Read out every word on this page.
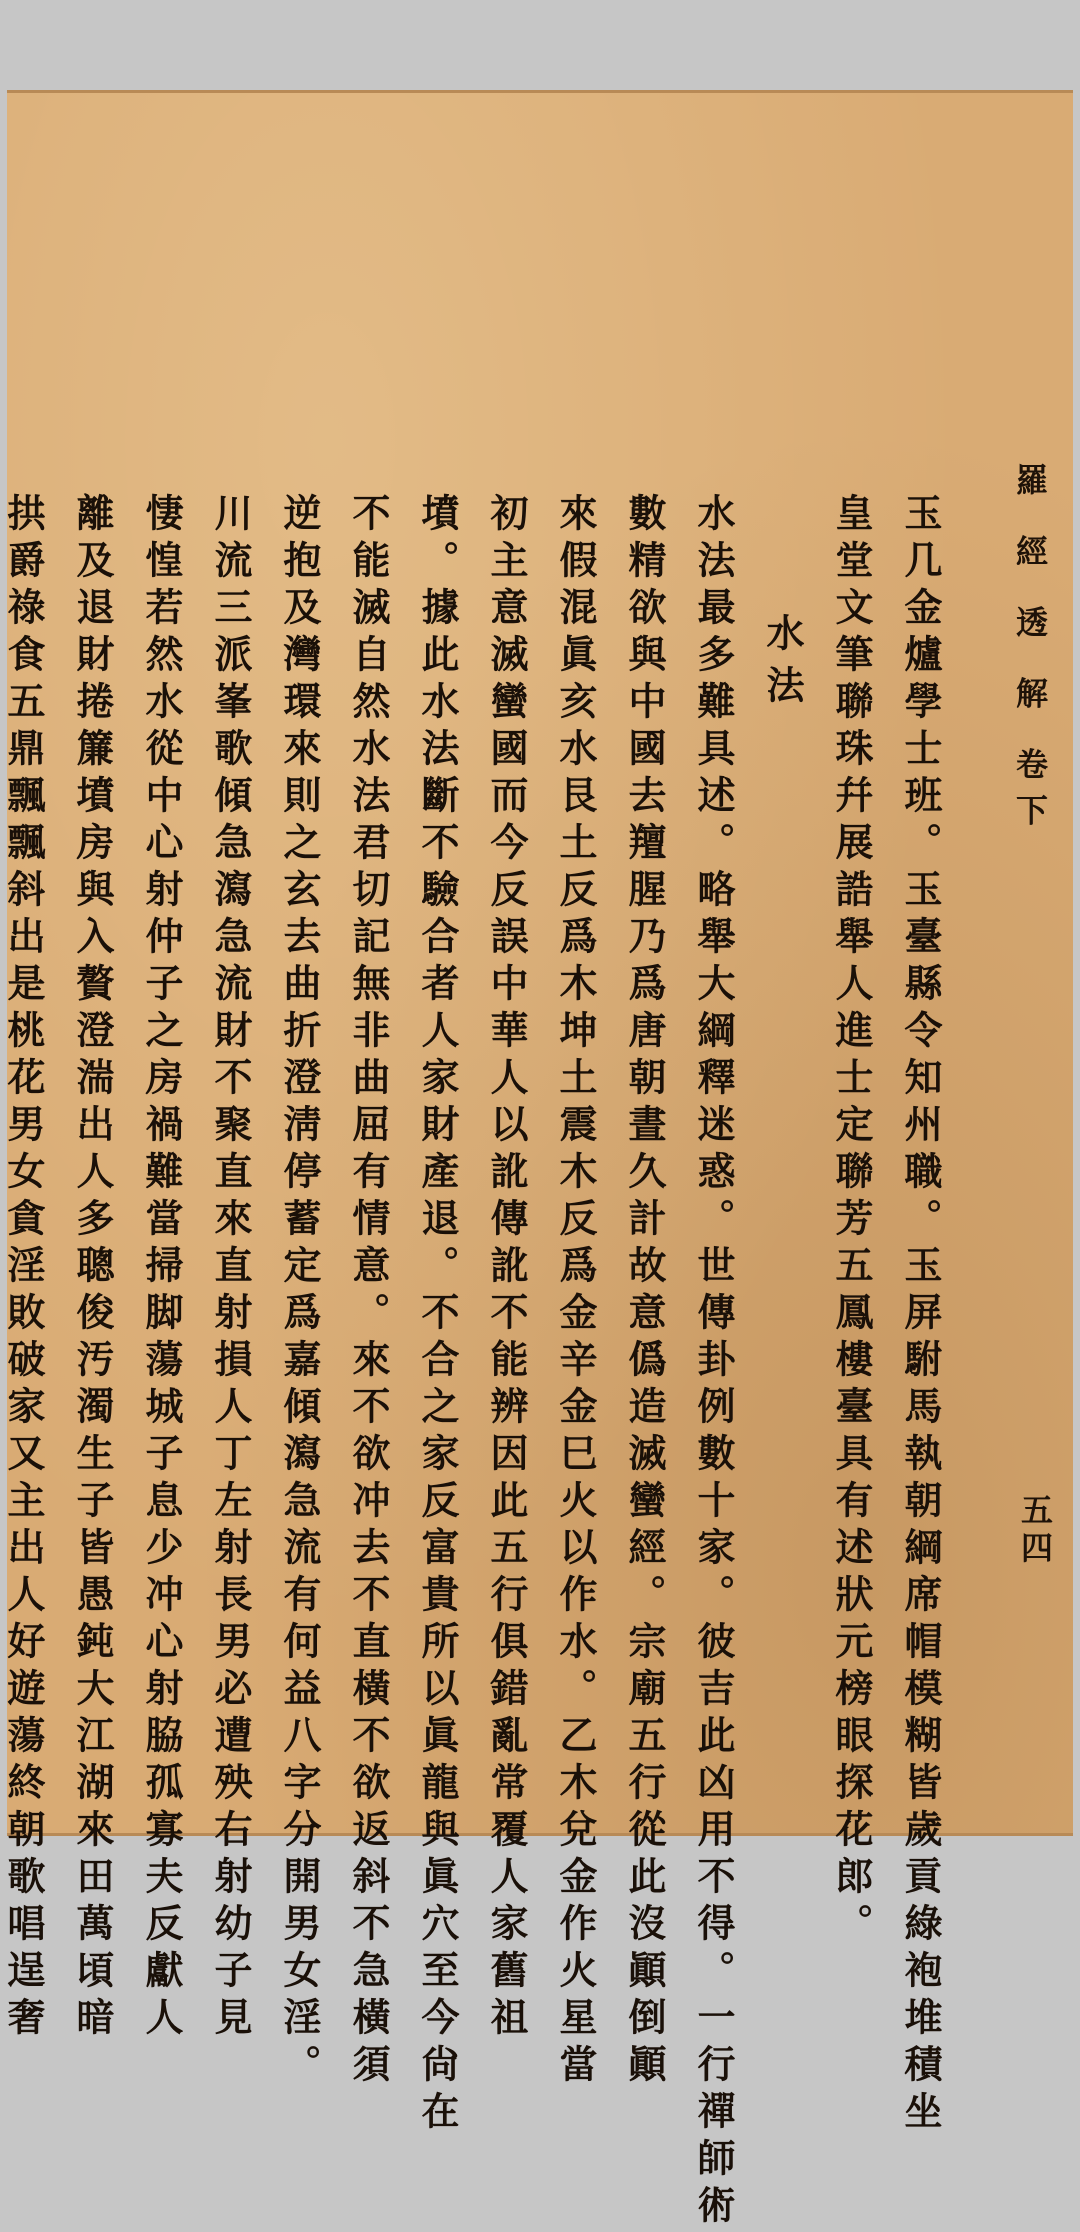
羅 經 透 解 卷下
五四
玉几金爐學士班。玉臺縣令知州職。玉屏駙馬執朝綱席帽模糊皆歲貢綠袍堆積坐
皇堂文筆聯珠幷展誥舉人進士定聯芳五鳳樓臺具有述狀元榜眼探花郎。
水法
水法最多難具述。略舉大綱釋迷惑。世傳卦例數十家。彼吉此凶用不得。一行禪師術
數精欲與中國去羶腥乃爲唐朝晝久計故意僞造滅蠻經。宗廟五行從此沒顚倒顚
來假混眞亥水艮土反爲木坤土震木反爲金辛金巳火以作水。乙木兌金作火星當
初主意滅蠻國而今反誤中華人以訛傳訛不能辨因此五行俱錯亂常覆人家舊祖
墳。據此水法斷不驗合者人家財產退。不合之家反富貴所以眞龍與眞穴至今尙在
不能滅自然水法君切記無非曲屈有情意。來不欲冲去不直橫不欲返斜不急橫須
逆抱及灣環來則之玄去曲折澄淸停蓄定爲嘉傾瀉急流有何益八字分開男女淫。
川流三派峯歌傾急瀉急流財不聚直來直射損人丁左射長男必遭殃右射幼子見
悽惶若然水從中心射仲子之房禍難當掃脚蕩城子息少冲心射脇孤寡夫反獻人
離及退財捲簾墳房與入贅澄湍出人多聰俊汚濁生子皆愚鈍大江湖來田萬頃暗
拱爵祿食五鼎飄飄斜出是桃花男女貪淫敗破家又主出人好遊蕩終朝歌唱逞奢
